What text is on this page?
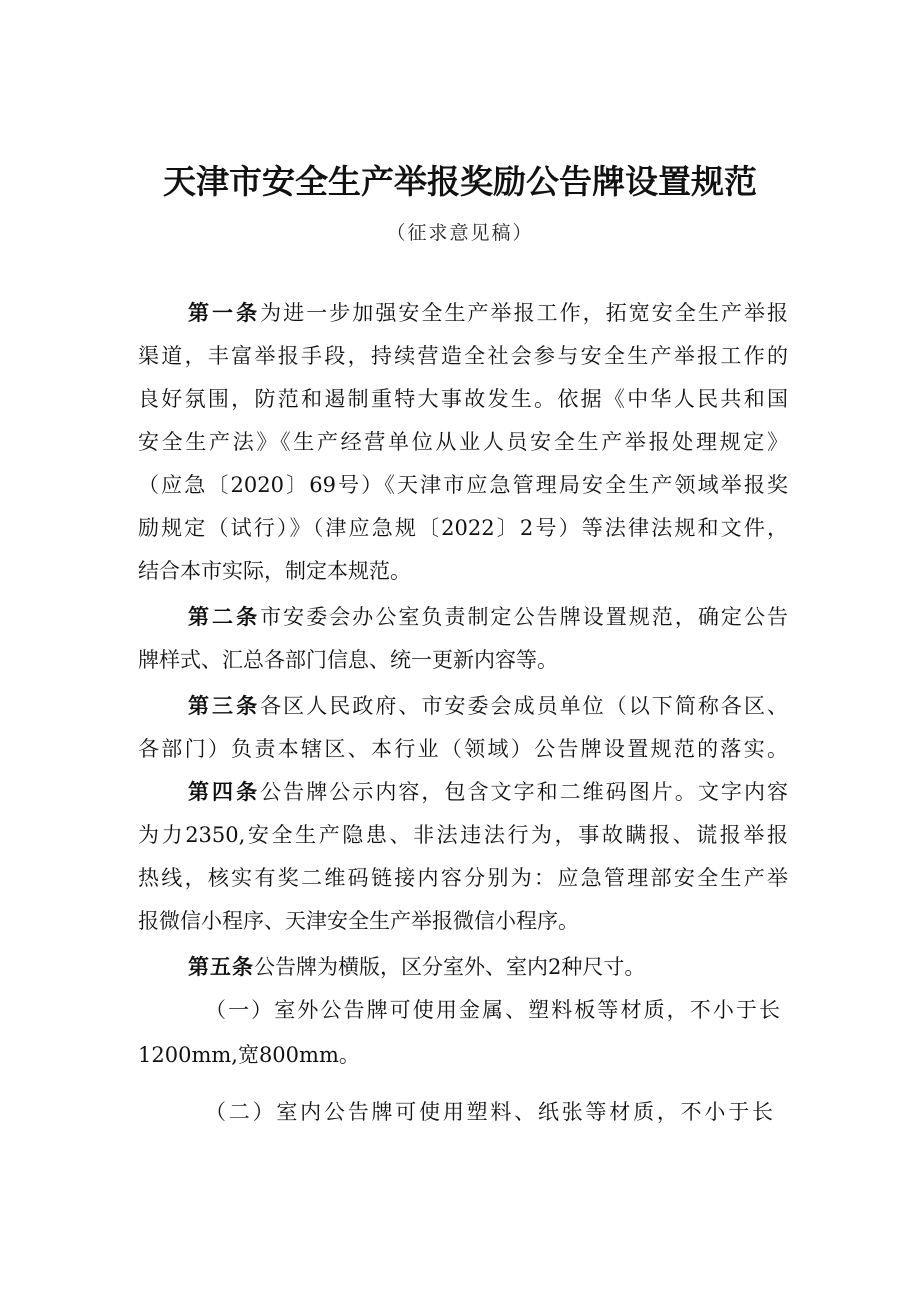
天津市安全生产举报奖励公告牌设置规范
（征求意见稿）
第一条为进一步加强安全生产举报工作，拓宽安全生产举报
渠道，丰富举报手段，持续营造全社会参与安全生产举报工作的
良好氛围，防范和遏制重特大事故发生。依据《中华人民共和国
安全生产法》《生产经营单位从业人员安全生产举报处理规定》
（应急〔2020〕69号）《天津市应急管理局安全生产领域举报奖
励规定（试行）》（津应急规〔2022〕2号）等法律法规和文件，
结合本市实际，制定本规范。
第二条市安委会办公室负责制定公告牌设置规范，确定公告
牌样式、汇总各部门信息、统一更新内容等。
第三条各区人民政府、市安委会成员单位（以下简称各区、
各部门）负责本辖区、本行业（领域）公告牌设置规范的落实。
第四条公告牌公示内容，包含文字和二维码图片。文字内容
为力2350,安全生产隐患、非法违法行为，事故瞒报、谎报举报
热线，核实有奖二维码链接内容分别为：应急管理部安全生产举
报微信小程序、天津安全生产举报微信小程序。
第五条公告牌为横版，区分室外、室内2种尺寸。
（一）室外公告牌可使用金属、塑料板等材质，不小于长
1200mm,宽800mm。
（二）室内公告牌可使用塑料、纸张等材质，不小于长
